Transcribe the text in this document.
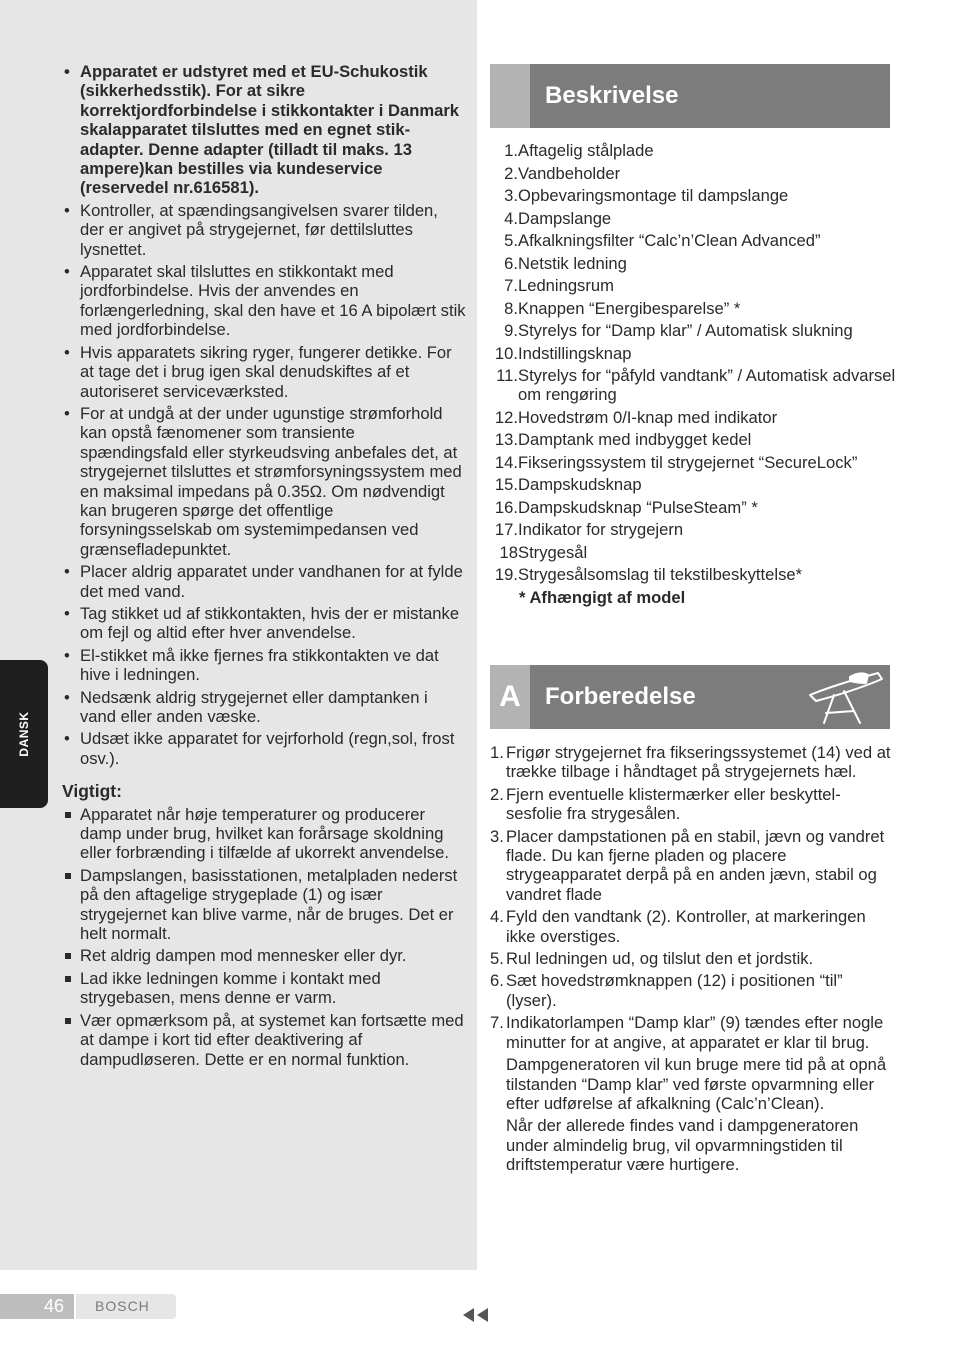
DANSK
• Apparatet er udstyret med et EU-Schukostik (sikkerhedsstik). For at sikre korrektjordforbindelse i stikkontakter i Danmark skalapparatet tilsluttes med en egnet stik-adapter. Denne adapter (tilladt til maks. 13 ampere)kan bestilles via kundeservice (reservedel nr.616581).
• Kontroller, at spændingsangivelsen svarer tilden, der er angivet på strygejernet, før dettilsluttes lysnettet.
• Apparatet skal tilsluttes en stikkontakt med jordforbindelse. Hvis der anvendes en forlængerledning, skal den have et 16 A bipolært stik med jordforbindelse.
• Hvis apparatets sikring ryger, fungerer detikke. For at tage det i brug igen skal denudskiftes af et autoriseret serviceværksted.
• For at undgå at der under ugunstige strømforhold kan opstå fænomener som transiente spændingsfald eller styrkeudsving anbefales det, at strygejernet tilsluttes et strømforsyningssystem med en maksimal impedans på 0.35Ω. Om nødvendigt kan brugeren spørge det offentlige forsyningsselskab om systemimpedansen ved grænsefladepunktet.
• Placer aldrig apparatet under vandhanen for at fylde det med vand.
• Tag stikket ud af stikkontakten, hvis der er mistanke om fejl og altid efter hver anvendelse.
• El-stikket må ikke fjernes fra stikkontakten ve dat hive i ledningen.
• Nedsænk aldrig strygejernet eller damptanken i vand eller anden væske.
• Udsæt ikke apparatet for vejrforhold (regn,sol, frost osv.).
Vigtigt:
Apparatet når høje temperaturer og producerer damp under brug, hvilket kan forårsage skoldning eller forbrænding i tilfælde af ukorrekt anvendelse.
Dampslangen, basisstationen, metalpladen nederst på den aftagelige strygeplade (1) og især strygejernet kan blive varme, når de bruges. Det er helt normalt.
Ret aldrig dampen mod mennesker eller dyr.
Lad ikke ledningen komme i kontakt med strygebasen, mens denne er varm.
Vær opmærksom på, at systemet kan fortsætte med at dampe i kort tid efter deaktivering af dampudløseren. Dette er en normal funktion.
Beskrivelse
1. Aftagelig stålplade
2. Vandbeholder
3. Opbevaringsmontage til dampslange
4. Dampslange
5. Afkalkningsfilter “Calc’n’Clean Advanced”
6. Netstik ledning
7. Ledningsrum
8. Knappen “Energibesparelse” *
9. Styrelys for “Damp klar” / Automatisk slukning
10. Indstillingsknap
11. Styrelys for “påfyld vandtank” / Automatisk advarsel om rengøring
12. Hovedstrøm 0/I-knap med indikator
13. Damptank med indbygget kedel
14. Fikseringssystem til strygejernet “SecureLock”
15. Dampskudsknap
16. Dampskudsknap “PulseSteam” *
17. Indikator for strygejern
18 Strygesål
19. Strygesålsomslag til tekstilbeskyttelse*
* Afhængigt af model
A	Forberedelse
1. Frigør strygejernet fra fikseringssystemet (14) ved at trække tilbage i håndtaget på strygejernets hæl.
2. Fjern eventuelle klistermærker eller beskyttel-sesfolie fra strygesålen.
3. Placer dampstationen på en stabil, jævn og vandret flade. Du kan fjerne pladen og placere strygeapparatet derpå på en anden jævn, stabil og vandret flade
4. Fyld den vandtank (2). Kontroller, at markeringen ikke overstiges.
5. Rul ledningen ud, og tilslut den et jordstik.
6. Sæt hovedstrømknappen (12) i positionen “til” (lyser).
7. Indikatorlampen “Damp klar” (9) tændes efter nogle minutter for at angive, at apparatet er klar til brug.
Dampgeneratoren vil kun bruge mere tid på at opnå tilstanden “Damp klar” ved første opvarmning eller efter udførelse af afkalkning (Calc’n’Clean).
Når der allerede findes vand i dampgeneratoren under almindelig brug, vil opvarmningstiden til driftstemperatur være hurtigere.
46	BOSCH
